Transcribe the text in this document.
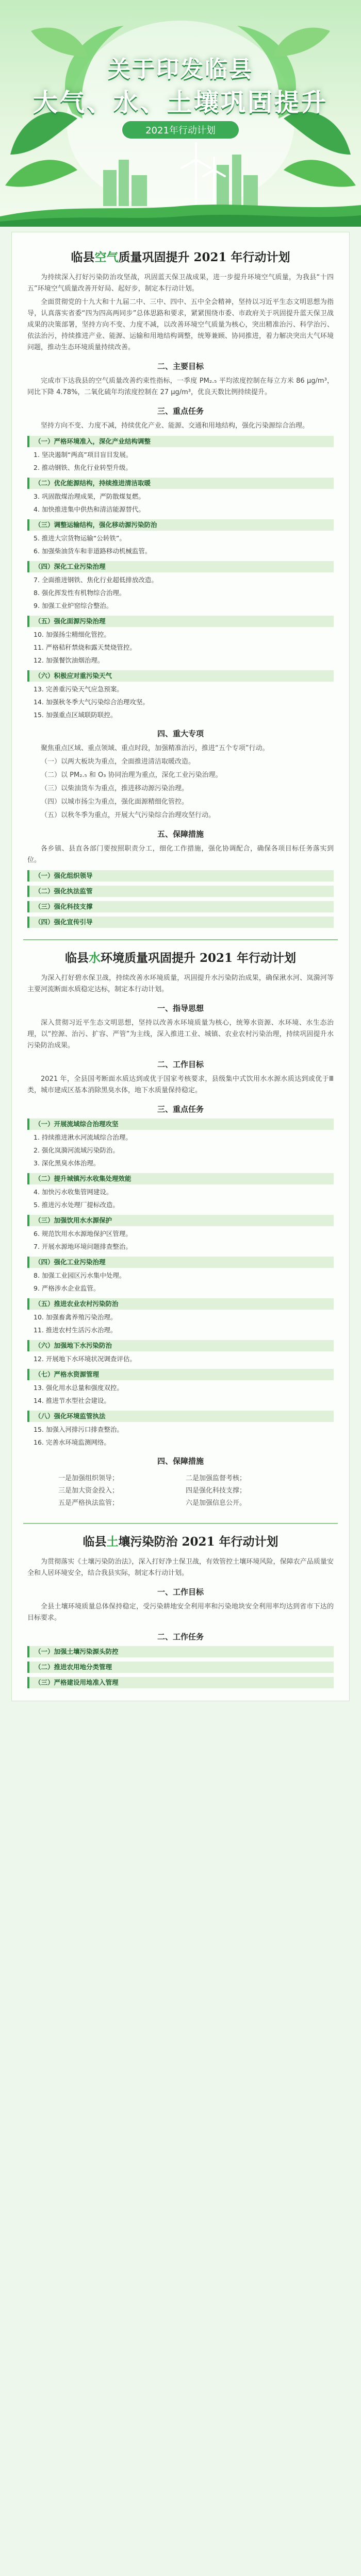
关于印发临县
大气、水、土壤巩固提升
2021年行动计划
临县空气质量巩固提升 2021 年行动计划

为持续深入打好污染防治攻坚战，巩固蓝天保卫战成果，进一步提升环境空气质量，为我县“十四五”环境空气质量改善开好局、起好步，制定本行动计划。

全面贯彻党的十九大和十九届二中、三中、四中、五中全会精神，坚持以习近平生态文明思想为指导，认真落实省委“四为四高两同步”总体思路和要求，紧紧围绕市委、市政府关于巩固提升蓝天保卫战成果的决策部署，坚持方向不变、力度不减，以改善环境空气质量为核心，突出精准治污、科学治污、依法治污，持续推进产业、能源、运输和用地结构调整，统筹兼顾、协同推进，着力解决突出大气环境问题，推动生态环境质量持续改善。

二、主要目标

完成市下达我县的空气质量改善约束性指标，一季度 PM₂.₅ 平均浓度控制在每立方米 86 μg/m³，同比下降 4.78%，二氧化硫年均浓度控制在 27 μg/m³，优良天数比例持续提升。

三、重点任务

坚持方向不变、力度不减，持续优化产业、能源、交通和用地结构，强化污染源综合治理。

（一）严格环境准入，深化产业结构调整
1. 坚决遏制“两高”项目盲目发展。
2. 推动钢铁、焦化行业转型升级。
（二）优化能源结构，持续推进清洁取暖
3. 巩固散煤治理成果，严防散煤复燃。
4. 加快推进集中供热和清洁能源替代。
（三）调整运输结构，强化移动源污染防治
5. 推进大宗货物运输“公转铁”。
6. 加强柴油货车和非道路移动机械监管。
（四）深化工业污染治理
7. 全面推进钢铁、焦化行业超低排放改造。
8. 强化挥发性有机物综合治理。
9. 加强工业炉窑综合整治。
（五）强化面源污染治理
10. 加强扬尘精细化管控。
11. 严格秸秆禁烧和露天焚烧管控。
12. 加强餐饮油烟治理。
（六）积极应对重污染天气
13. 完善重污染天气应急预案。
14. 加强秋冬季大气污染综合治理攻坚。
15. 加强重点区域联防联控。
四、重大专项

聚焦重点区域、重点领域、重点时段，加强精准治污，推进“五个专项”行动。

（一）以两大板块为重点，全面推进清洁取暖改造。

（二）以 PM₂.₅ 和 O₃ 协同治理为重点，深化工业污染治理。

（三）以柴油货车为重点，推进移动源污染治理。

（四）以城市扬尘为重点，强化面源精细化管控。

（五）以秋冬季为重点，开展大气污染综合治理攻坚行动。

五、保障措施

各乡镇、县直各部门要按照职责分工，细化工作措施，强化协调配合，确保各项目标任务落实到位。

（一）强化组织领导
（二）强化执法监管
（三）强化科技支撑
（四）强化宣传引导
临县水环境质量巩固提升 2021 年行动计划

为深入打好碧水保卫战，持续改善水环境质量，巩固提升水污染防治成果，确保湫水河、岚漪河等主要河流断面水质稳定达标，制定本行动计划。

一、指导思想

深入贯彻习近平生态文明思想，坚持以改善水环境质量为核心，统筹水资源、水环境、水生态治理，以“控源、治污、扩容、严管”为主线，深入推进工业、城镇、农业农村污染治理，持续巩固提升水污染防治成果。

二、工作目标

2021 年，全县国考断面水质达到或优于国家考核要求，县级集中式饮用水水源水质达到或优于Ⅲ类，城市建成区基本消除黑臭水体，地下水质量保持稳定。

三、重点任务
（一）开展流域综合治理攻坚
1. 持续推进湫水河流域综合治理。
2. 强化岚漪河流域污染防治。
3. 深化黑臭水体治理。
（二）提升城镇污水收集处理效能
4. 加快污水收集管网建设。
5. 推进污水处理厂提标改造。
（三）加强饮用水水源保护
6. 规范饮用水水源地保护区管理。
7. 开展水源地环境问题排查整治。
（四）强化工业污染治理
8. 加强工业园区污水集中处理。
9. 严格涉水企业监管。
（五）推进农业农村污染防治
10. 加强畜禽养殖污染治理。
11. 推进农村生活污水治理。
（六）加强地下水污染防治
12. 开展地下水环境状况调查评估。
（七）严格水资源管理
13. 强化用水总量和强度双控。
14. 推进节水型社会建设。
（八）强化环境监管执法
15. 加强入河排污口排查整治。
16. 完善水环境监测网络。
四、保障措施
一是加强组织领导；	二是加强监督考核；
三是加大资金投入；	四是强化科技支撑；
五是严格执法监管；	六是加强信息公开。
临县土壤污染防治 2021 年行动计划

为贯彻落实《土壤污染防治法》，深入打好净土保卫战，有效管控土壤环境风险，保障农产品质量安全和人居环境安全，结合我县实际，制定本行动计划。

一、工作目标

全县土壤环境质量总体保持稳定，受污染耕地安全利用率和污染地块安全利用率均达到省市下达的目标要求。

二、工作任务
（一）加强土壤污染源头防控
（二）推进农用地分类管理
（三）严格建设用地准入管理
